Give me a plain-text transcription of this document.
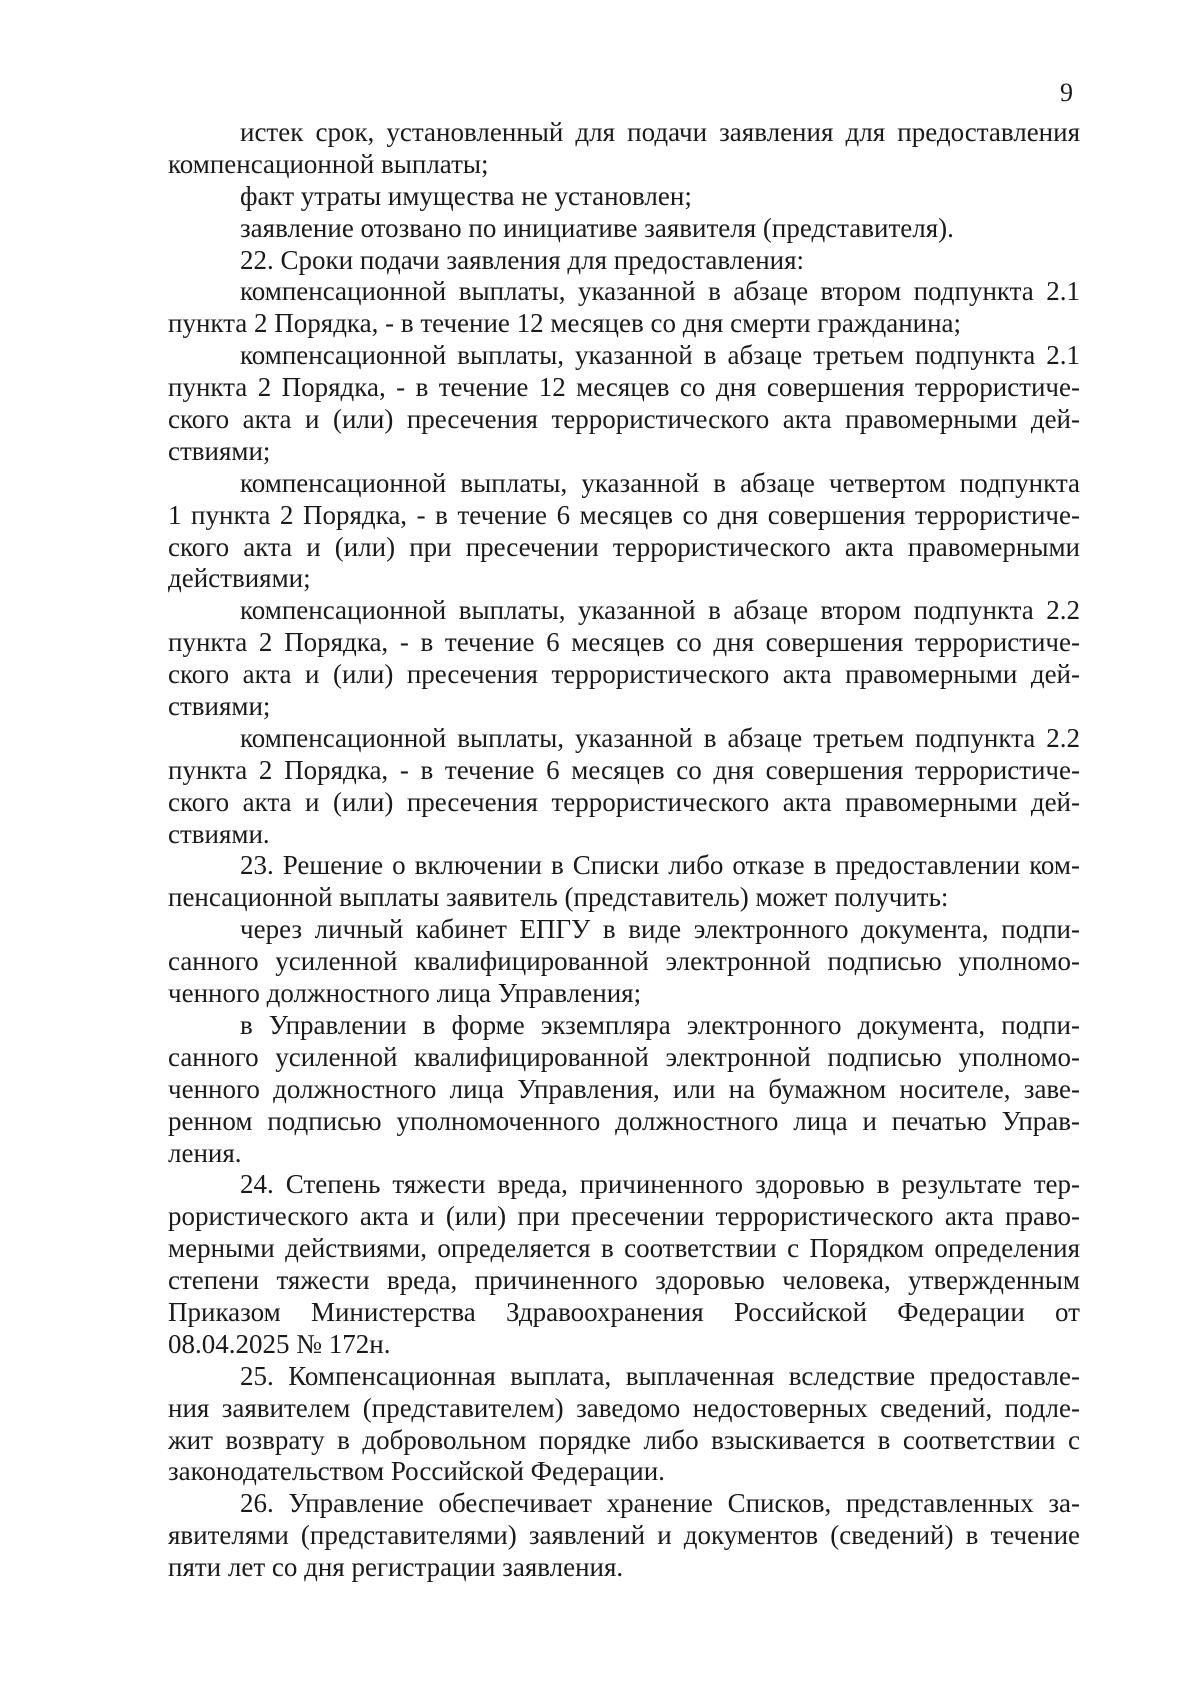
9
истек срок, установленный для подачи заявления для предоставления
компенсационной выплаты;
факт утраты имущества не установлен;
заявление отозвано по инициативе заявителя (представителя).
22. Сроки подачи заявления для предоставления:
компенсационной выплаты, указанной в абзаце втором подпункта 2.1
пункта 2 Порядка, - в течение 12 месяцев со дня смерти гражданина;
компенсационной выплаты, указанной в абзаце третьем подпункта 2.1
пункта 2 Порядка, - в течение 12 месяцев со дня совершения террористиче-
ского акта и (или) пресечения террористического акта правомерными дей-
ствиями;
компенсационной выплаты, указанной в абзаце четвертом подпункта
1 пункта 2 Порядка, - в течение 6 месяцев со дня совершения террористиче-
ского акта и (или) при пресечении террористического акта правомерными
действиями;
компенсационной выплаты, указанной в абзаце втором подпункта 2.2
пункта 2 Порядка, - в течение 6 месяцев со дня совершения террористиче-
ского акта и (или) пресечения террористического акта правомерными дей-
ствиями;
компенсационной выплаты, указанной в абзаце третьем подпункта 2.2
пункта 2 Порядка, - в течение 6 месяцев со дня совершения террористиче-
ского акта и (или) пресечения террористического акта правомерными дей-
ствиями.
23. Решение о включении в Списки либо отказе в предоставлении ком-
пенсационной выплаты заявитель (представитель) может получить:
через личный кабинет ЕПГУ в виде электронного документа, подпи-
санного усиленной квалифицированной электронной подписью уполномо-
ченного должностного лица Управления;
в Управлении в форме экземпляра электронного документа, подпи-
санного усиленной квалифицированной электронной подписью уполномо-
ченного должностного лица Управления, или на бумажном носителе, заве-
ренном подписью уполномоченного должностного лица и печатью Управ-
ления.
24. Степень тяжести вреда, причиненного здоровью в результате тер-
рористического акта и (или) при пресечении террористического акта право-
мерными действиями, определяется в соответствии с Порядком определения
степени тяжести вреда, причиненного здоровью человека, утвержденным
Приказом Министерства Здравоохранения Российской Федерации от
08.04.2025 № 172н.
25. Компенсационная выплата, выплаченная вследствие предоставле-
ния заявителем (представителем) заведомо недостоверных сведений, подле-
жит возврату в добровольном порядке либо взыскивается в соответствии с
законодательством Российской Федерации.
26. Управление обеспечивает хранение Списков, представленных за-
явителями (представителями) заявлений и документов (сведений) в течение
пяти лет со дня регистрации заявления.
